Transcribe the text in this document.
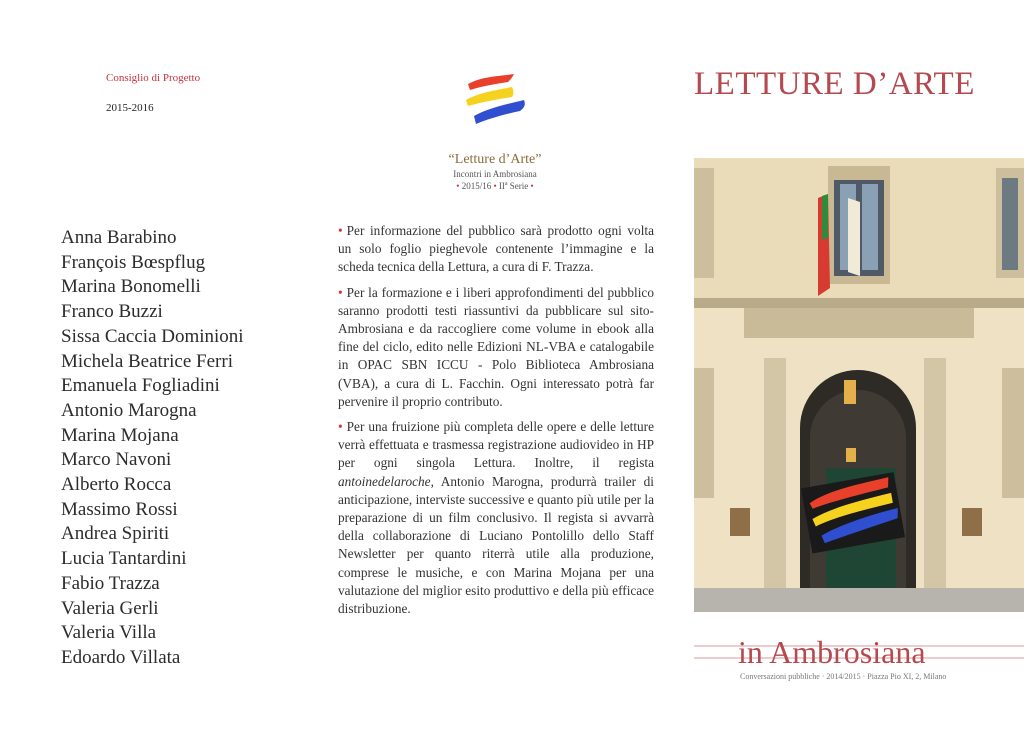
Consiglio di Progetto
2015-2016
Anna Barabino
François Bœspflug
Marina Bonomelli
Franco Buzzi
Sissa Caccia Dominioni
Michela Beatrice Ferri
Emanuela Fogliadini
Antonio Marogna
Marina Mojana
Marco Navoni
Alberto Rocca
Massimo Rossi
Andrea Spiriti
Lucia Tantardini
Fabio Trazza
Valeria Gerli
Valeria Villa
Edoardo Villata
“Letture d’Arte”
Incontri in Ambrosiana
• 2015/16 • $II^a$ Serie •

• Per informazione del pubblico sarà prodotto ogni volta un solo foglio pieghevole contenente l’immagine e la scheda tecnica della Lettura, a cura di F. Trazza.

• Per la formazione e i liberi approfondimenti del pubblico saranno prodotti testi riassuntivi da pubblicare sul sito-Ambrosiana e da raccogliere come volume in ebook alla fine del ciclo, edito nelle Edizioni NL-VBA e catalogabile in OPAC SBN ICCU - Polo Biblioteca Ambrosiana (VBA), a cura di L. Facchin. Ogni interessato potrà far pervenire il proprio contributo.

• Per una fruizione più completa delle opere e delle letture verrà effettuata e trasmessa registrazione audiovideo in HP per ogni singola Lettura. Inoltre, il regista antoinedelaroche, Antonio Marogna, produrrà trailer di anticipazione, interviste successive e quanto più utile per la preparazione di un film conclusivo. Il regista si avvarrà della collaborazione di Luciano Pontolillo dello Staff Newsletter per quanto riterrà utile alla produzione, comprese le musiche, e con Marina Mojana per una valutazione del miglior esito produttivo e della più efficace distribuzione.

LETTURE D’ARTE
in Ambrosiana
Conversazioni pubbliche · 2014/2015 · Piazza Pio XI, 2, Milano
